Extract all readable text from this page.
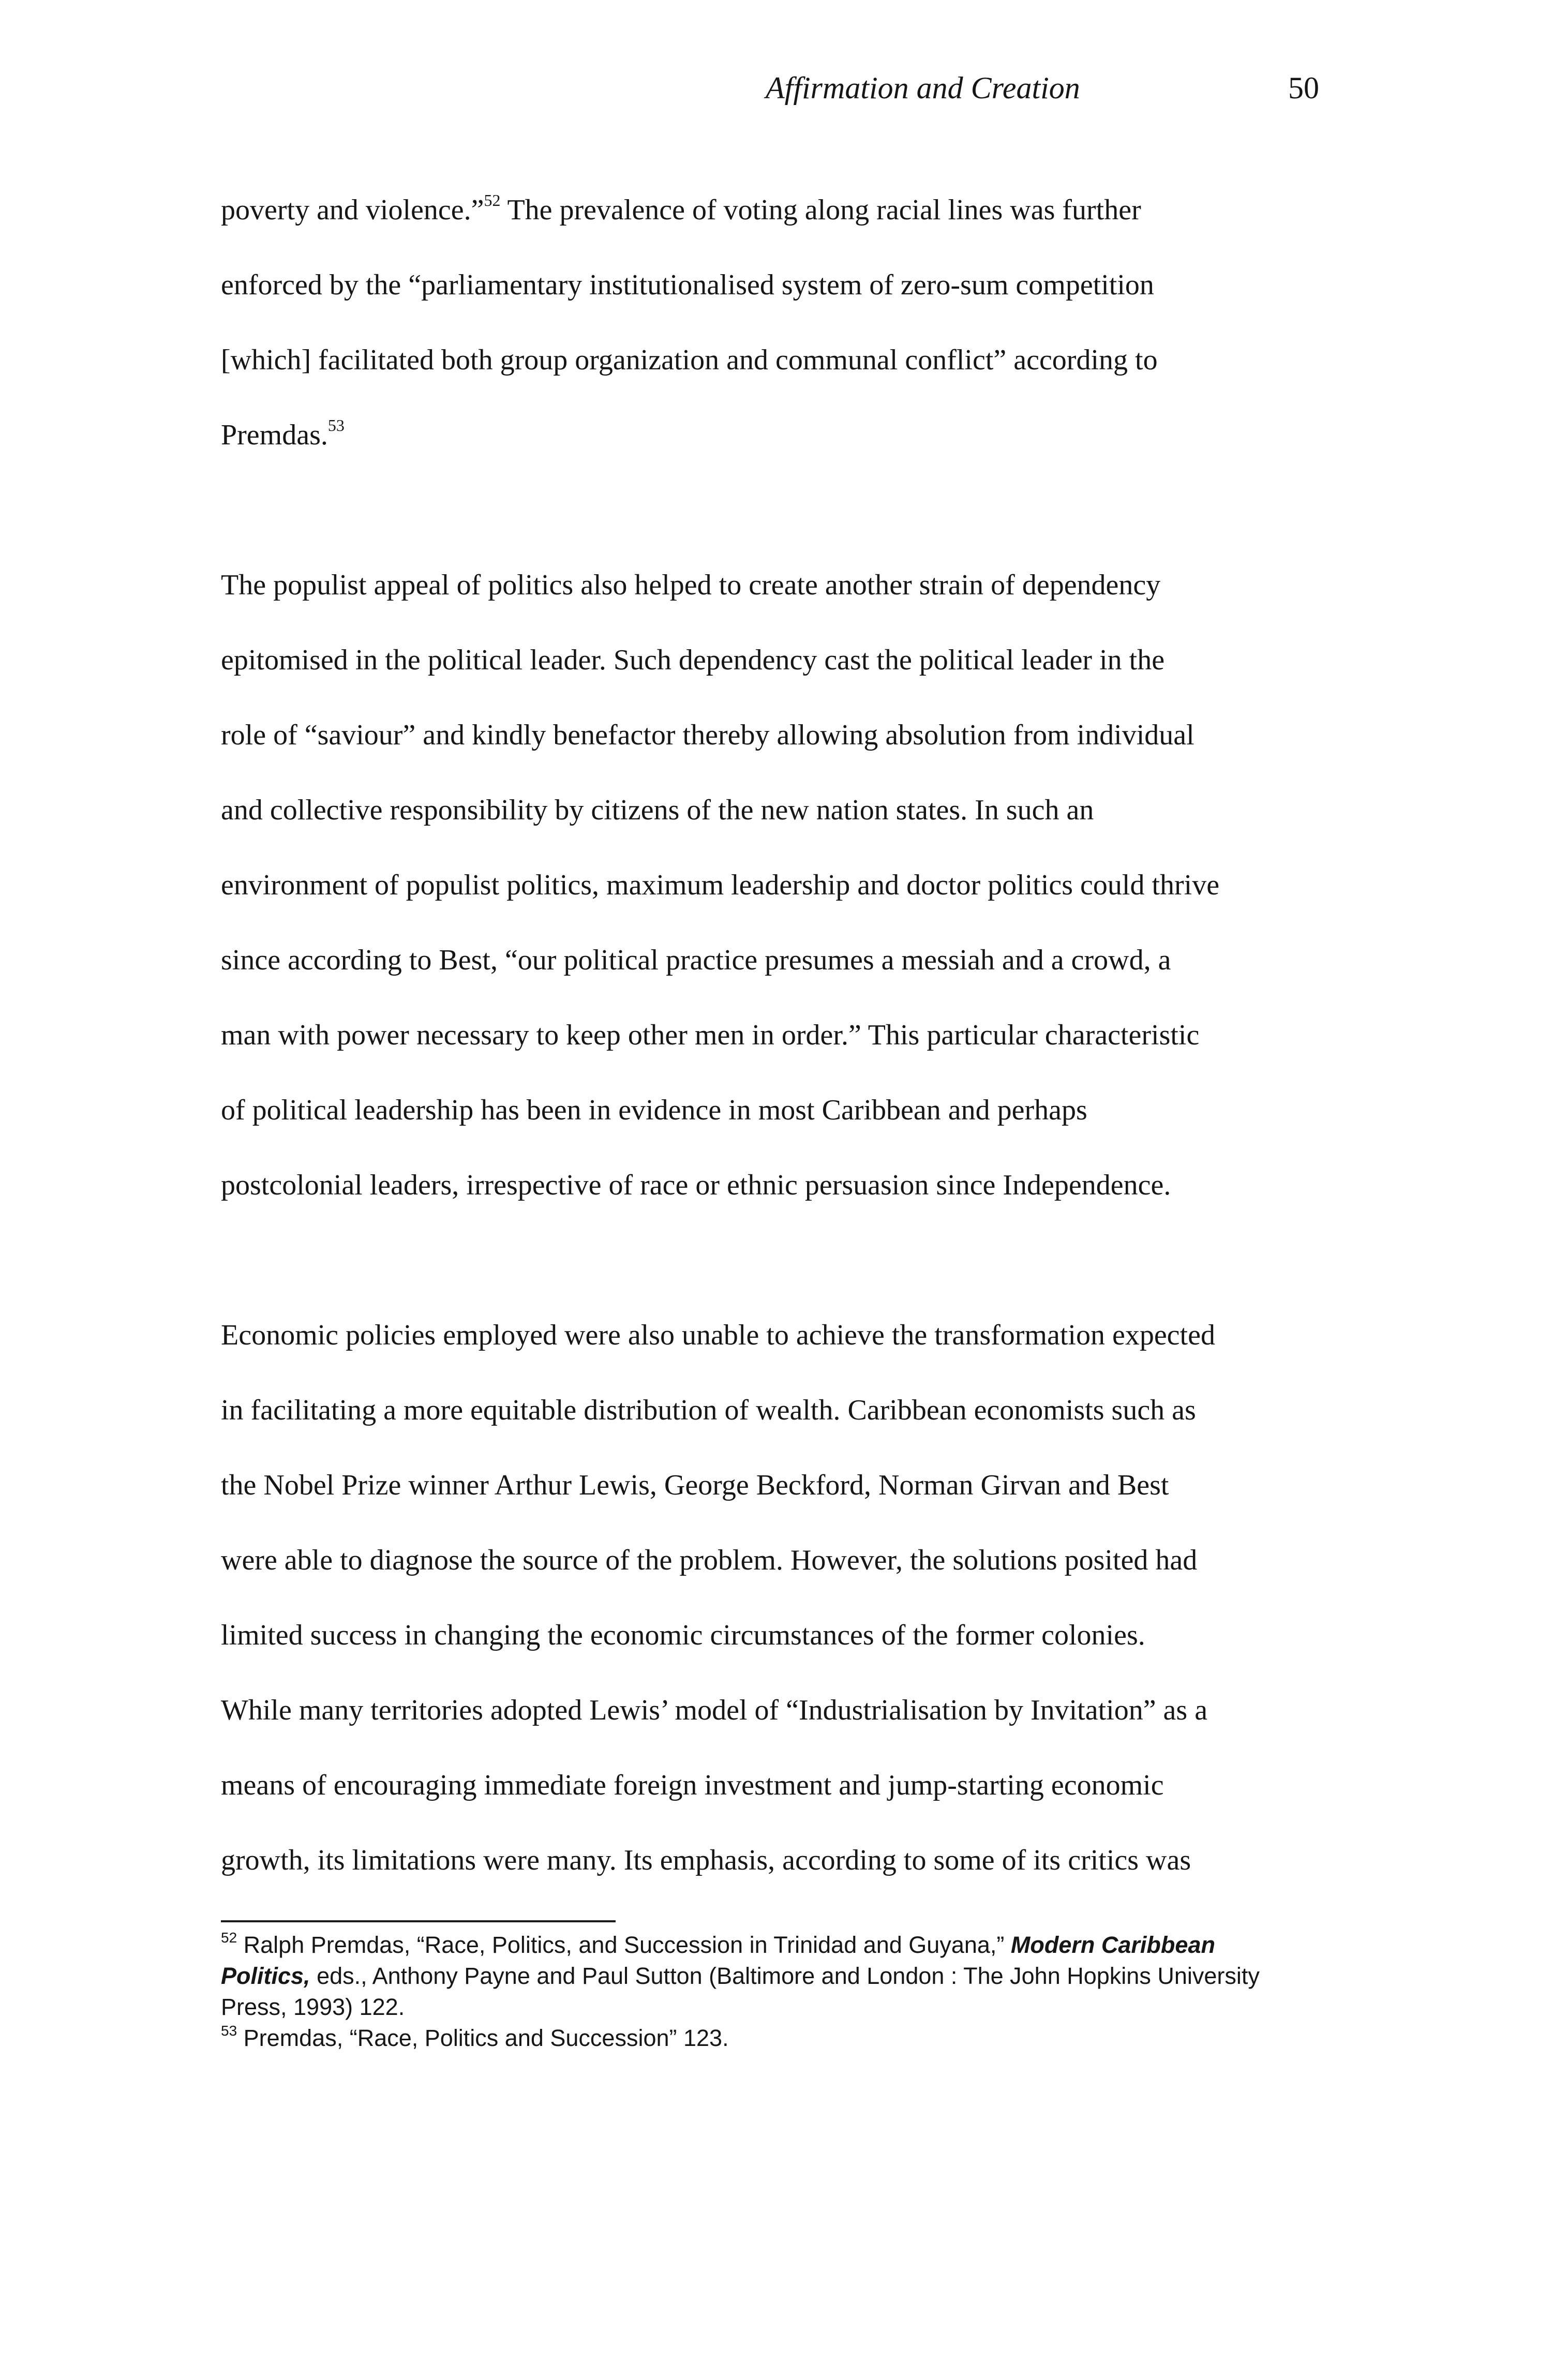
Affirmation and Creation	50
poverty and violence.”$^{52}$ The prevalence of voting along racial lines was further
enforced by the “parliamentary institutionalised system of zero-sum competition
[which] facilitated both group organization and communal conflict” according to
Premdas.$^{53}$
The populist appeal of politics also helped to create another strain of dependency
epitomised in the political leader. Such dependency cast the political leader in the
role of “saviour” and kindly benefactor thereby allowing absolution from individual
and collective responsibility by citizens of the new nation states. In such an
environment of populist politics, maximum leadership and doctor politics could thrive
since according to Best, “our political practice presumes a messiah and a crowd, a
man with power necessary to keep other men in order.” This particular characteristic
of political leadership has been in evidence in most Caribbean and perhaps
postcolonial leaders, irrespective of race or ethnic persuasion since Independence.
Economic policies employed were also unable to achieve the transformation expected
in facilitating a more equitable distribution of wealth. Caribbean economists such as
the Nobel Prize winner Arthur Lewis, George Beckford, Norman Girvan and Best
were able to diagnose the source of the problem. However, the solutions posited had
limited success in changing the economic circumstances of the former colonies.
While many territories adopted Lewis’ model of “Industrialisation by Invitation” as a
means of encouraging immediate foreign investment and jump-starting economic
growth, its limitations were many. Its emphasis, according to some of its critics was
$^{52}$ Ralph Premdas, “Race, Politics, and Succession in Trinidad and Guyana,” Modern Caribbean
Politics, eds., Anthony Payne and Paul Sutton (Baltimore and London : The John Hopkins University
Press, 1993) 122.
$^{53}$ Premdas, “Race, Politics and Succession” 123.
